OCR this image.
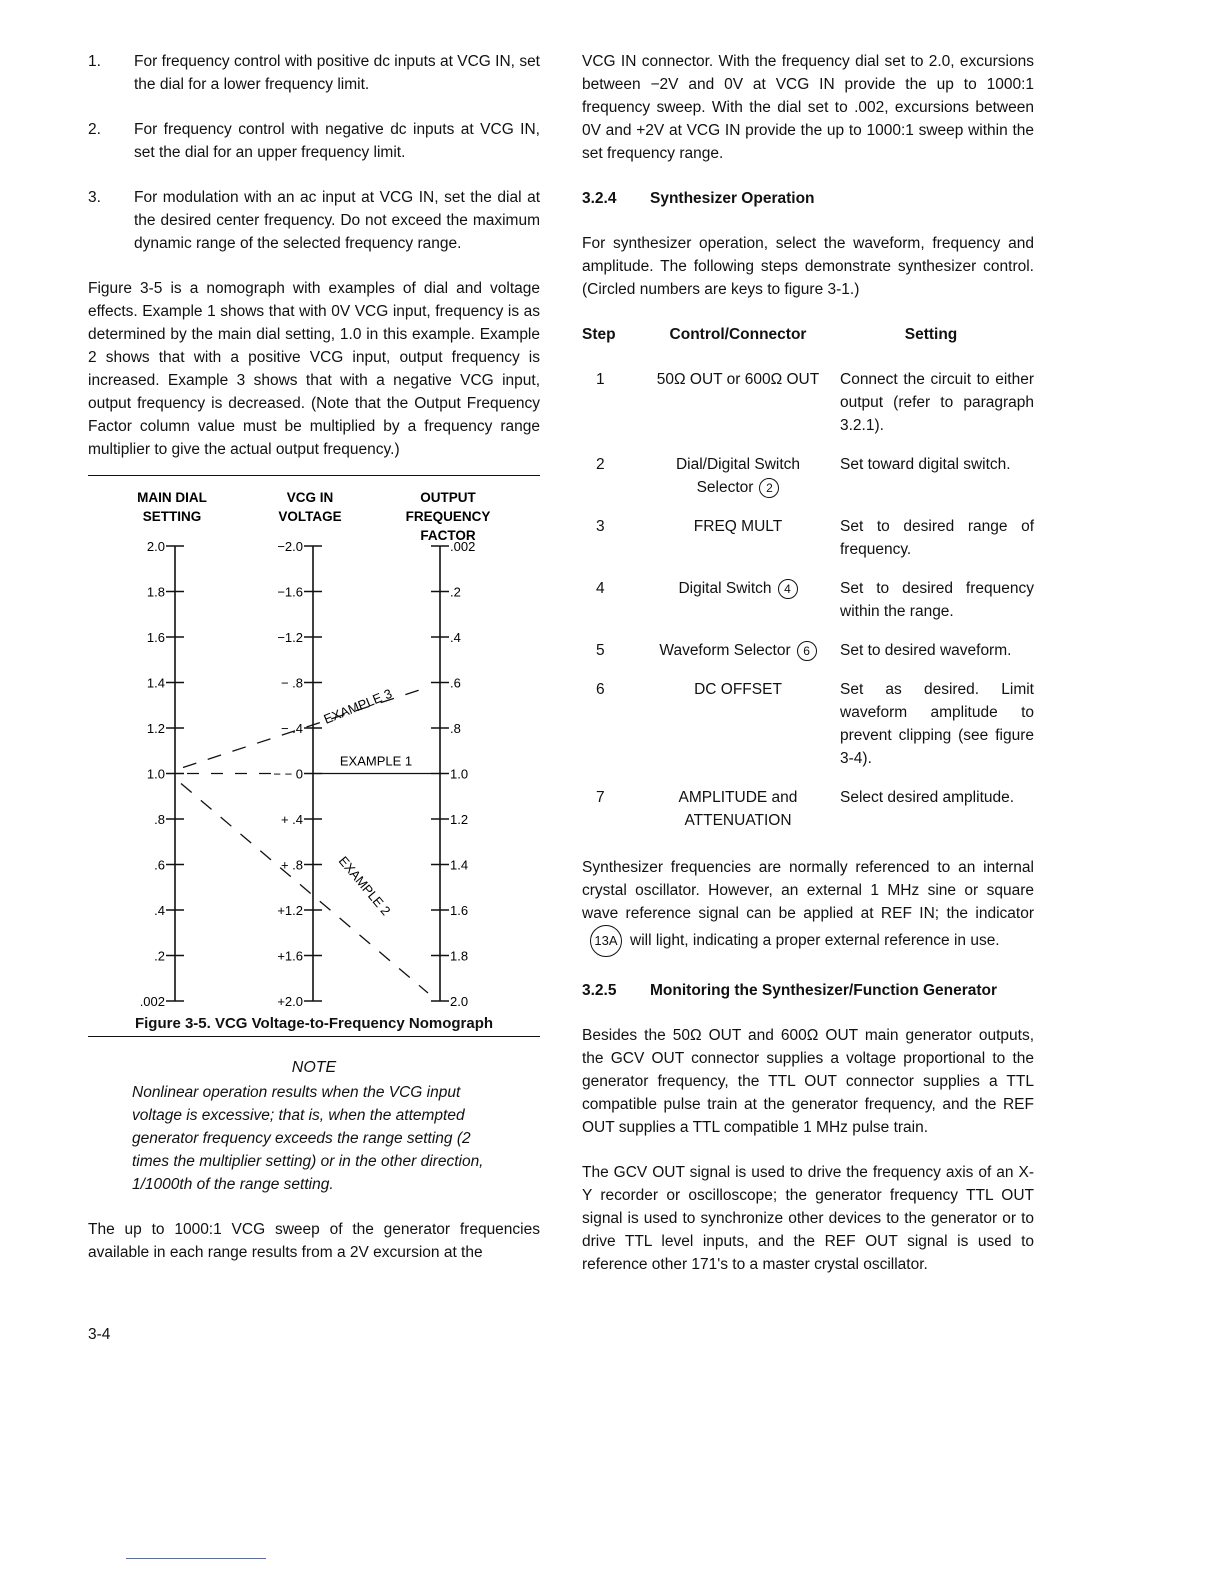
1.	For frequency control with positive dc inputs at VCG IN, set the dial for a lower frequency limit.
2.	For frequency control with negative dc inputs at VCG IN, set the dial for an upper frequency limit.
3.	For modulation with an ac input at VCG IN, set the dial at the desired center frequency. Do not exceed the maximum dynamic range of the selected frequency range.

Figure 3-5 is a nomograph with examples of dial and voltage effects. Example 1 shows that with 0V VCG input, frequency is as determined by the main dial setting, 1.0 in this example. Example 2 shows that with a positive VCG input, output frequency is increased. Example 3 shows that with a negative VCG input, output frequency is decreased. (Note that the Output Frequency Factor column value must be multiplied by a frequency range multiplier to give the actual output frequency.)

MAIN DIAL
SETTING
VCG IN
VOLTAGE
OUTPUT
FREQUENCY
FACTOR
2.0
1.8
1.6
1.4
1.2
1.0
.8
.6
.4
.2
.002
−2.0
−1.6
−1.2
− .8
− .4
− − 0
+ .4
+ .8
+1.2
+1.6
+2.0
.002
.2
.4
.6
.8
1.0
1.2
1.4
1.6
1.8
2.0
EXAMPLE 1
EXAMPLE 2
EXAMPLE 3
Figure 3-5. VCG Voltage-to-Frequency Nomograph
NOTE

Nonlinear operation results when the VCG input voltage is excessive; that is, when the attempted generator frequency exceeds the range setting (2 times the multiplier setting) or in the other direction, 1/1000th of the range setting.

The up to 1000:1 VCG sweep of the generator frequencies available in each range results from a 2V excursion at the

3-4

VCG IN connector. With the frequency dial set to 2.0, excursions between −2V and 0V at VCG IN provide the up to 1000:1 frequency sweep. With the dial set to .002, excursions between 0V and +2V at VCG IN provide the up to 1000:1 sweep within the set frequency range.

3.2.4	Synthesizer Operation

For synthesizer operation, select the waveform, frequency and amplitude. The following steps demonstrate synthesizer control. (Circled numbers are keys to figure 3-1.)

Step	Control/Connector	Setting
1	50Ω OUT or 600Ω OUT	Connect the circuit to either output (refer to paragraph 3.2.1).
2	Dial/Digital Switch Selector 2	Set toward digital switch.
3	FREQ MULT	Set to desired range of frequency.
4	Digital Switch 4	Set to desired frequency within the range.
5	Waveform Selector 6	Set to desired waveform.
6	DC OFFSET	Set as desired. Limit waveform amplitude to prevent clipping (see figure 3-4).
7	AMPLITUDE and ATTENUATION	Select desired amplitude.

Synthesizer frequencies are normally referenced to an internal crystal oscillator. However, an external 1 MHz sine or square wave reference signal can be applied at REF IN; the indicator13A will light, indicating a proper external reference in use.

3.2.5	Monitoring the Synthesizer/Function Generator

Besides the 50Ω OUT and 600Ω OUT main generator outputs, the GCV OUT connector supplies a voltage proportional to the generator frequency, the TTL OUT connector supplies a TTL compatible pulse train at the generator frequency, and the REF OUT supplies a TTL compatible 1 MHz pulse train.

The GCV OUT signal is used to drive the frequency axis of an X-Y recorder or oscilloscope; the generator frequency TTL OUT signal is used to synchronize other devices to the generator or to drive TTL level inputs, and the REF OUT signal is used to reference other 171's to a master crystal oscillator.
